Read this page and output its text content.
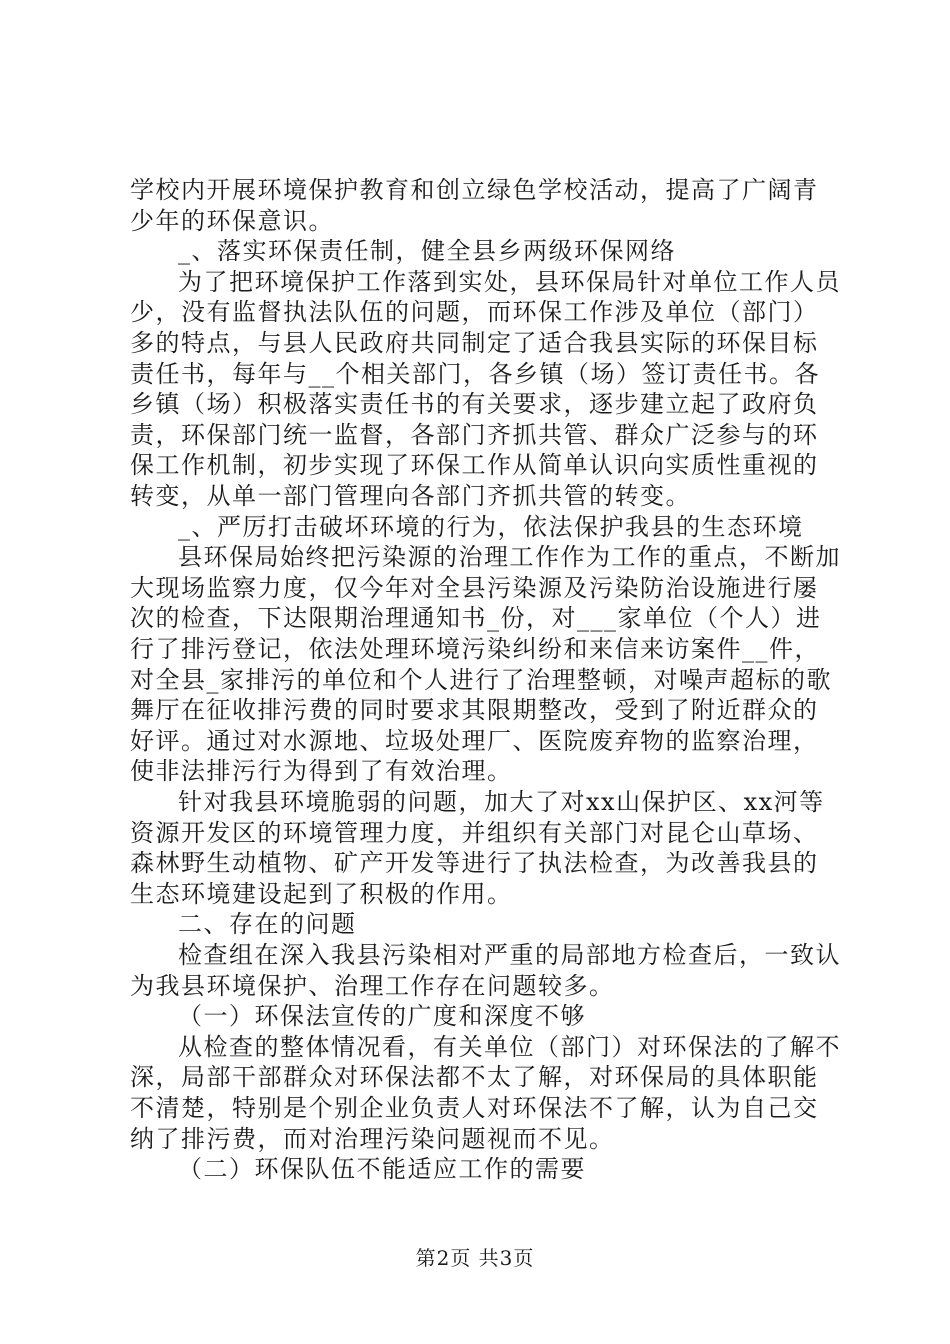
学校内开展环境保护教育和创立绿色学校活动，提高了广阔青
少年的环保意识。
_、落实环保责任制，健全县乡两级环保网络
为了把环境保护工作落到实处，县环保局针对单位工作人员
少，没有监督执法队伍的问题，而环保工作涉及单位（部门）
多的特点，与县人民政府共同制定了适合我县实际的环保目标
责任书，每年与__个相关部门，各乡镇（场）签订责任书。各
乡镇（场）积极落实责任书的有关要求，逐步建立起了政府负
责，环保部门统一监督，各部门齐抓共管、群众广泛参与的环
保工作机制，初步实现了环保工作从简单认识向实质性重视的
转变，从单一部门管理向各部门齐抓共管的转变。
_、严厉打击破坏环境的行为，依法保护我县的生态环境
县环保局始终把污染源的治理工作作为工作的重点，不断加
大现场监察力度，仅今年对全县污染源及污染防治设施进行屡
次的检查，下达限期治理通知书_份，对___家单位（个人）进
行了排污登记，依法处理环境污染纠纷和来信来访案件__件，
对全县_家排污的单位和个人进行了治理整顿，对噪声超标的歌
舞厅在征收排污费的同时要求其限期整改，受到了附近群众的
好评。通过对水源地、垃圾处理厂、医院废弃物的监察治理，
使非法排污行为得到了有效治理。
针对我县环境脆弱的问题，加大了对xx山保护区、xx河等
资源开发区的环境管理力度，并组织有关部门对昆仑山草场、
森林野生动植物、矿产开发等进行了执法检查，为改善我县的
生态环境建设起到了积极的作用。
二、存在的问题
检查组在深入我县污染相对严重的局部地方检查后，一致认
为我县环境保护、治理工作存在问题较多。
（一）环保法宣传的广度和深度不够
从检查的整体情况看，有关单位（部门）对环保法的了解不
深，局部干部群众对环保法都不太了解，对环保局的具体职能
不清楚，特别是个别企业负责人对环保法不了解，认为自己交
纳了排污费，而对治理污染问题视而不见。
（二）环保队伍不能适应工作的需要
第2页 共3页
